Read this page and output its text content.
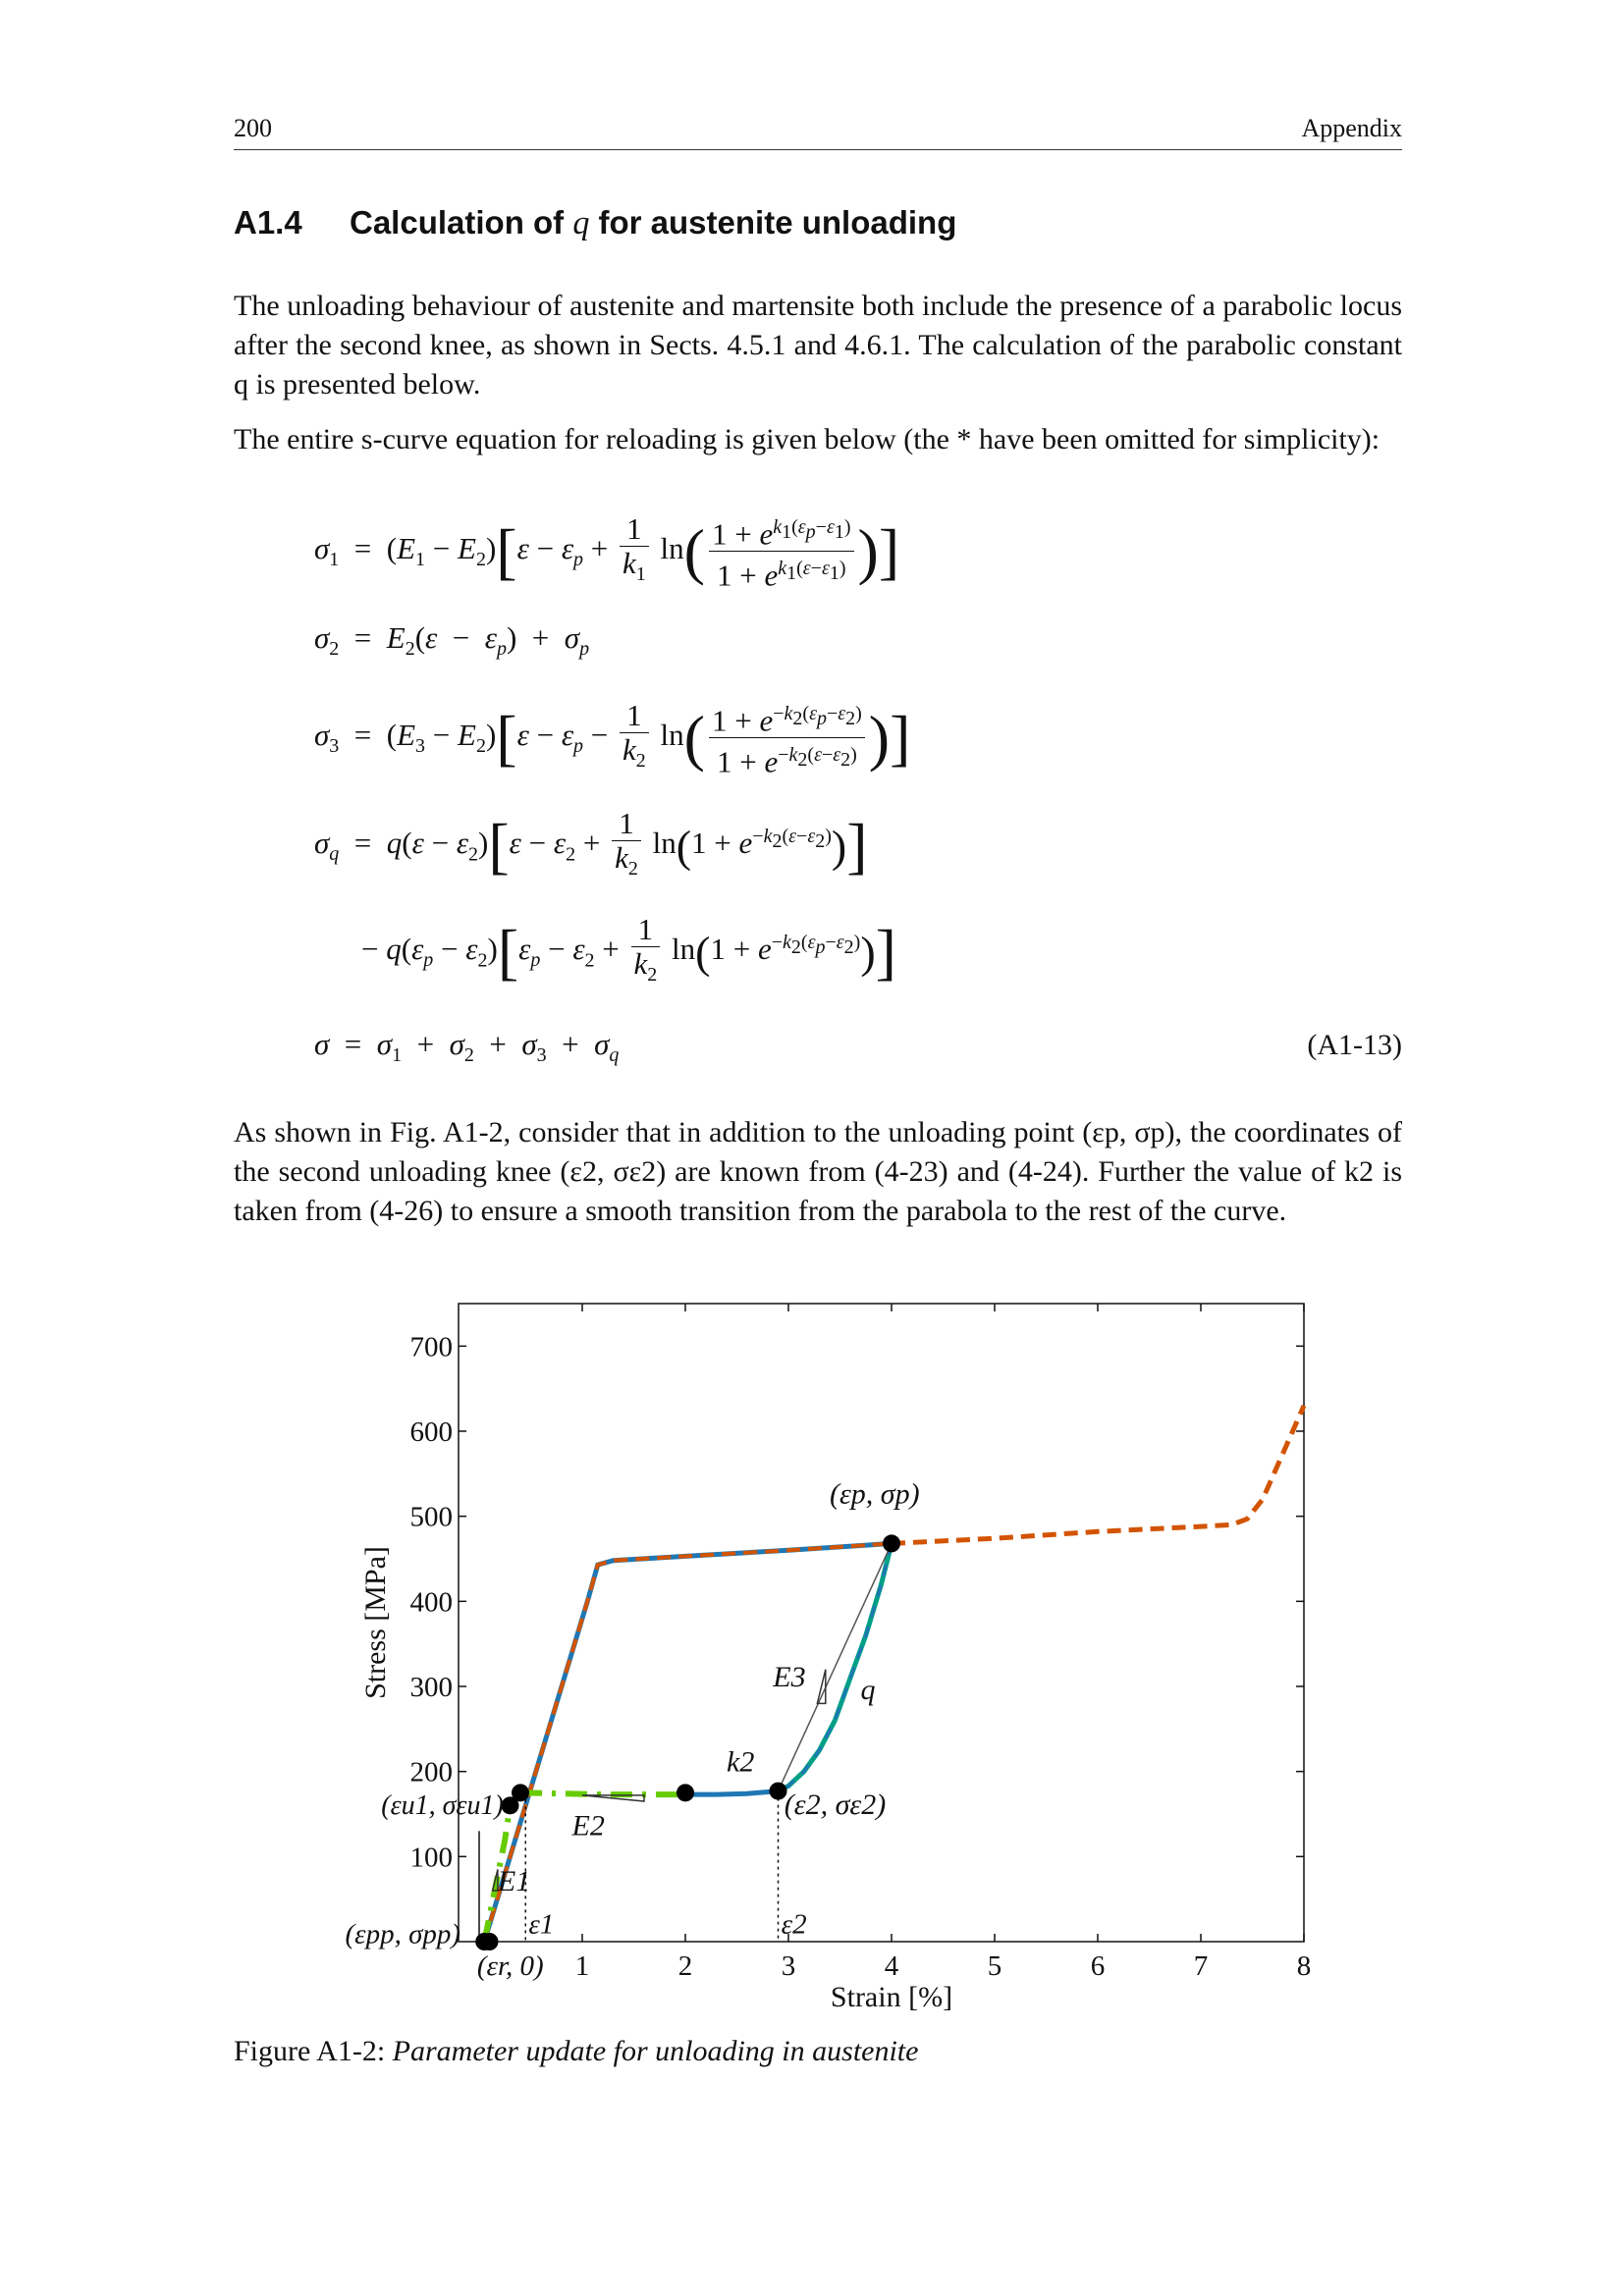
200	Appendix
A1.4 Calculation of q for austenite unloading

The unloading behaviour of austenite and martensite both include the presence of a parabolic locus after the second knee, as shown in Sects. 4.5.1 and 4.6.1. The calculation of the parabolic constant q is presented below.

The entire s-curve equation for reloading is given below (the * have been omitted for simplicity):

$\sigma_1 = (E_1 - E_2)[\varepsilon - \varepsilon_p + \frac{1}{k_1} \ln( \frac{1 + e^{k_1(\varepsilon_p-\varepsilon_1)}}{1 + e^{k_1(\varepsilon-\varepsilon_1)}}$ )]
$\sigma_2 = E_2(\varepsilon - \varepsilon_p) + \sigma_p$
$\sigma_3 = (E_3 - E_2)[\varepsilon - \varepsilon_p - \frac{1}{k_2} \ln( \frac{1 + e^{-k_2(\varepsilon_p-\varepsilon_2)}}{1 + e^{-k_2(\varepsilon-\varepsilon_2)}}$ )]
$\sigma_q = q(\varepsilon - \varepsilon_2)[\varepsilon - \varepsilon_2 + \frac{1}{k_2} \ln(1 + e^{-k_2(\varepsilon-\varepsilon_2)})]$
− $q(\varepsilon_p - \varepsilon_2)[\varepsilon_p - \varepsilon_2 + \frac{1}{k_2} \ln(1 + e^{-k_2(\varepsilon_p-\varepsilon_2)})]$
$\sigma = \sigma_1 + \sigma_2 + \sigma_3 + \sigma_q$	(A1-13)

As shown in Fig. A1-2, consider that in addition to the unloading point (εp, σp), the coordinates of the second unloading knee (ε2, σε2) are known from (4-23) and (4-24). Further the value of k2 is taken from (4-26) to ensure a smooth transition from the parabola to the rest of the curve.

1	2	3	4	5	6	7	8
100
200
300
400
500
600
700
Strain [%]
Stress [MPa]
(εp, σp)
E3 q
k2
(ε2, σε2)
E2
(εu1, σεu1)
E1
ε1	ε2
(εpp, σpp)
(εr, 0)
Figure A1-2: Parameter update for unloading in austenite
